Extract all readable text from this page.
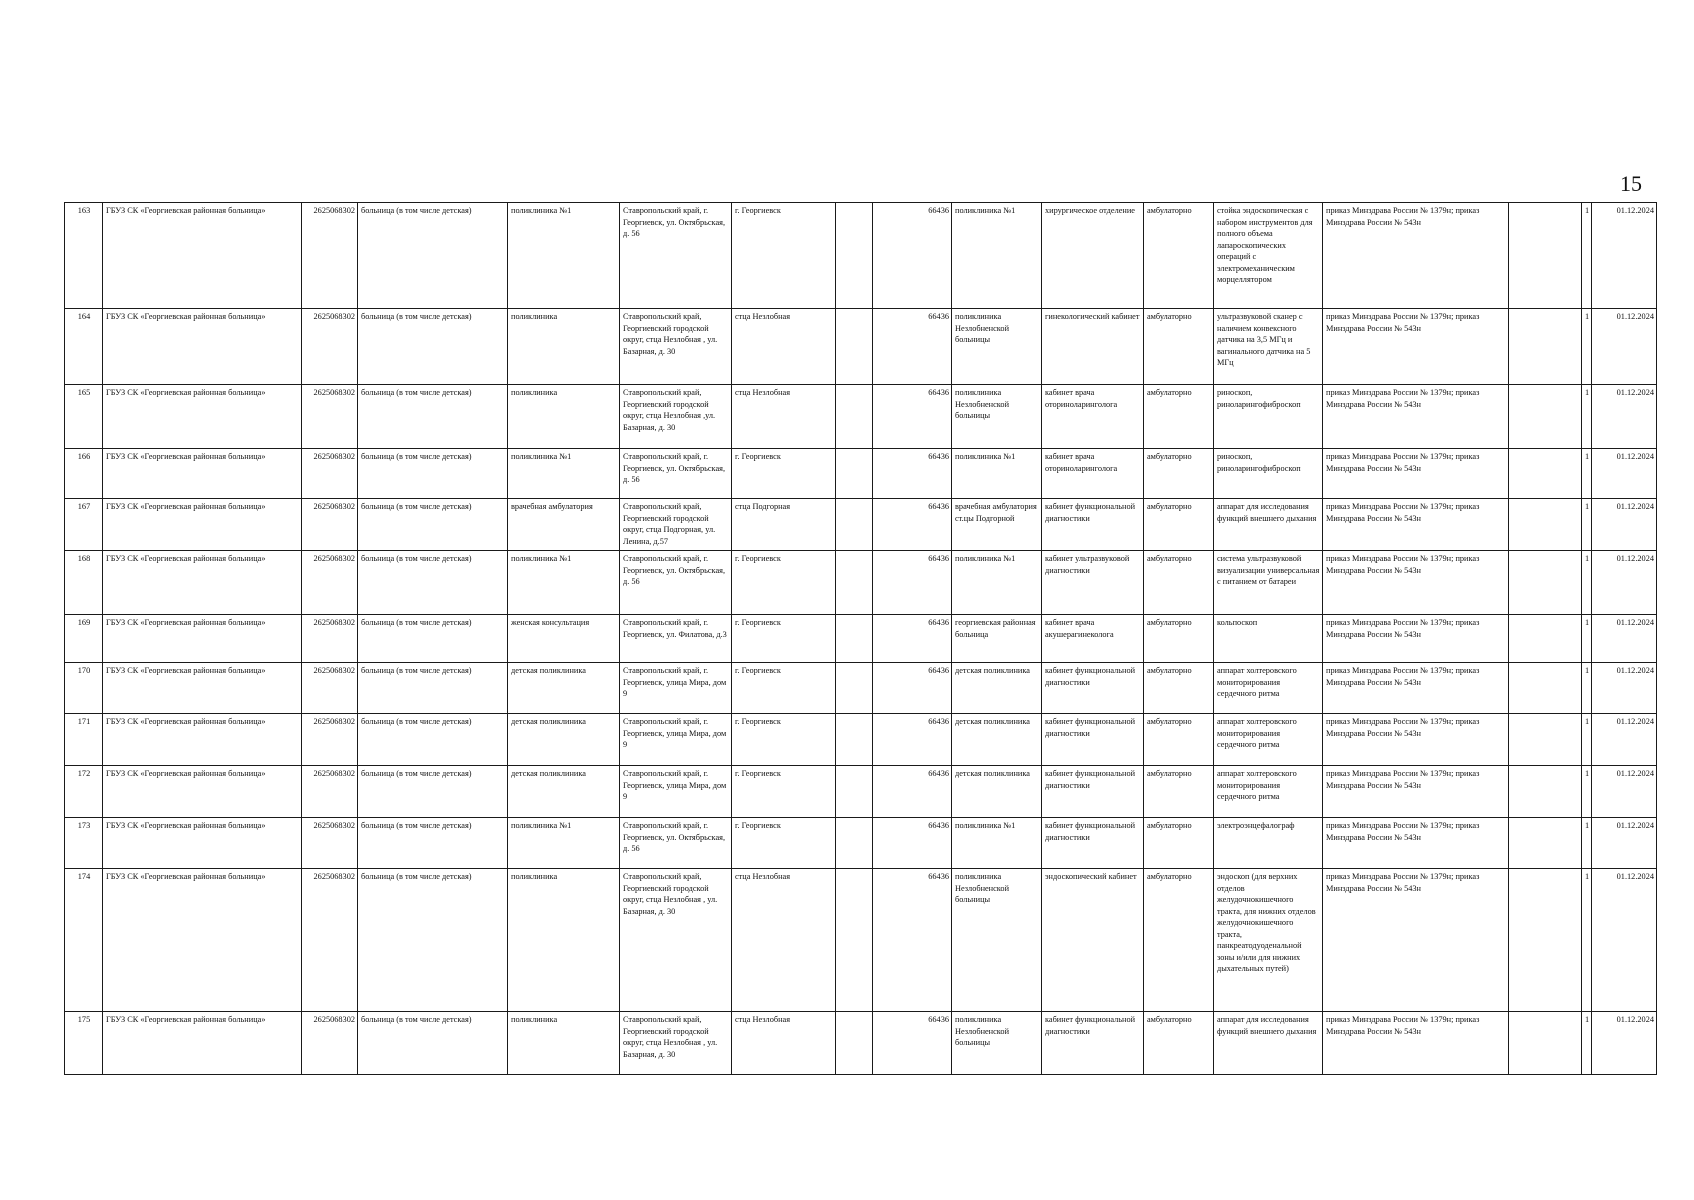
15
163	ГБУЗ СК «Георгиевская районная больница»	2625068302	больница (в том числе детская)	поликлиника №1	Ставропольский край, г. Георгиевск, ул. Октябрьская, д. 56	г. Георгиевск		66436	поликлиника №1	хирургическое отделение	амбулаторно	стойка эндоскопическая с набором инструментов для полного объема лапароскопических операций с электромеханическим морцеллятором	приказ Минздрава России № 1379н; приказ Минздрава России № 543н		1	01.12.2024
164	ГБУЗ СК «Георгиевская районная больница»	2625068302	больница (в том числе детская)	поликлиника	Ставропольский край, Георгиевский городской округ, стца Незлобная , ул. Базарная, д. 30	стца Незлобная		66436	поликлиника Незлобненской больницы	гинекологический кабинет	амбулаторно	ультразвуковой сканер с наличием конвексного датчика на 3,5 МГц и вагинального датчика на 5 МГц	приказ Минздрава России № 1379н; приказ Минздрава России № 543н		1	01.12.2024
165	ГБУЗ СК «Георгиевская районная больница»	2625068302	больница (в том числе детская)	поликлиника	Ставропольский край, Георгиевский городской округ, стца Незлобная ,ул. Базарная, д. 30	стца Незлобная		66436	поликлиника Незлобненской больницы	кабинет врача оториноларинголога	амбулаторно	риноскоп, риноларингофиброскоп	приказ Минздрава России № 1379н; приказ Минздрава России № 543н		1	01.12.2024
166	ГБУЗ СК «Георгиевская районная больница»	2625068302	больница (в том числе детская)	поликлиника №1	Ставропольский край, г. Георгиевск, ул. Октябрьская, д. 56	г. Георгиевск		66436	поликлиника №1	кабинет врача оториноларинголога	амбулаторно	риноскоп, риноларингофиброскоп	приказ Минздрава России № 1379н; приказ Минздрава России № 543н		1	01.12.2024
167	ГБУЗ СК «Георгиевская районная больница»	2625068302	больница (в том числе детская)	врачебная амбулатория	Ставропольский край, Георгиевский городской округ, стца Подгорная, ул. Ленина, д.57	стца Подгорная		66436	врачебная амбулатория ст.цы Подгорной	кабинет функциональной диагностики	амбулаторно	аппарат для исследования функций внешнего дыхания	приказ Минздрава России № 1379н; приказ Минздрава России № 543н		1	01.12.2024
168	ГБУЗ СК «Георгиевская районная больница»	2625068302	больница (в том числе детская)	поликлиника №1	Ставропольский край, г. Георгиевск, ул. Октябрьская, д. 56	г. Георгиевск		66436	поликлиника №1	кабинет ультразвуковой диагностики	амбулаторно	система ультразвуковой визуализации универсальная с питанием от батареи	приказ Минздрава России № 1379н; приказ Минздрава России № 543н		1	01.12.2024
169	ГБУЗ СК «Георгиевская районная больница»	2625068302	больница (в том числе детская)	женская консультация	Ставропольский край, г. Георгиевск, ул. Филатова, д.3	г. Георгиевск		66436	георгиевская районная больница	кабинет врача акушерагинеколога	амбулаторно	кольпоскоп	приказ Минздрава России № 1379н; приказ Минздрава России № 543н		1	01.12.2024
170	ГБУЗ СК «Георгиевская районная больница»	2625068302	больница (в том числе детская)	детская поликлиника	Ставропольский край, г. Георгиевск, улица Мира, дом 9	г. Георгиевск		66436	детская поликлиника	кабинет функциональной диагностики	амбулаторно	аппарат холтеровского мониторирования сердечного ритма	приказ Минздрава России № 1379н; приказ Минздрава России № 543н		1	01.12.2024
171	ГБУЗ СК «Георгиевская районная больница»	2625068302	больница (в том числе детская)	детская поликлиника	Ставропольский край, г. Георгиевск, улица Мира, дом 9	г. Георгиевск		66436	детская поликлиника	кабинет функциональной диагностики	амбулаторно	аппарат холтеровского мониторирования сердечного ритма	приказ Минздрава России № 1379н; приказ Минздрава России № 543н		1	01.12.2024
172	ГБУЗ СК «Георгиевская районная больница»	2625068302	больница (в том числе детская)	детская поликлиника	Ставропольский край, г. Георгиевск, улица Мира, дом 9	г. Георгиевск		66436	детская поликлиника	кабинет функциональной диагностики	амбулаторно	аппарат холтеровского мониторирования сердечного ритма	приказ Минздрава России № 1379н; приказ Минздрава России № 543н		1	01.12.2024
173	ГБУЗ СК «Георгиевская районная больница»	2625068302	больница (в том числе детская)	поликлиника №1	Ставропольский край, г. Георгиевск, ул. Октябрьская, д. 56	г. Георгиевск		66436	поликлиника №1	кабинет функциональной диагностики	амбулаторно	электроэнцефалограф	приказ Минздрава России № 1379н; приказ Минздрава России № 543н		1	01.12.2024
174	ГБУЗ СК «Георгиевская районная больница»	2625068302	больница (в том числе детская)	поликлиника	Ставропольский край, Георгиевский городской округ, стца Незлобная , ул. Базарная, д. 30	стца Незлобная		66436	поликлиника Незлобненской больницы	эндоскопический кабинет	амбулаторно	эндоскоп (для верхних отделов желудочнокишечного тракта, для нижних отделов желудочнокишечного тракта, панкреатодуоденальной зоны и/или для нижних дыхательных путей)	приказ Минздрава России № 1379н; приказ Минздрава России № 543н		1	01.12.2024
175	ГБУЗ СК «Георгиевская районная больница»	2625068302	больница (в том числе детская)	поликлиника	Ставропольский край, Георгиевский городской округ, стца Незлобная , ул. Базарная, д. 30	стца Незлобная		66436	поликлиника Незлобненской больницы	кабинет функциональной диагностики	амбулаторно	аппарат для исследования функций внешнего дыхания	приказ Минздрава России № 1379н; приказ Минздрава России № 543н		1	01.12.2024
